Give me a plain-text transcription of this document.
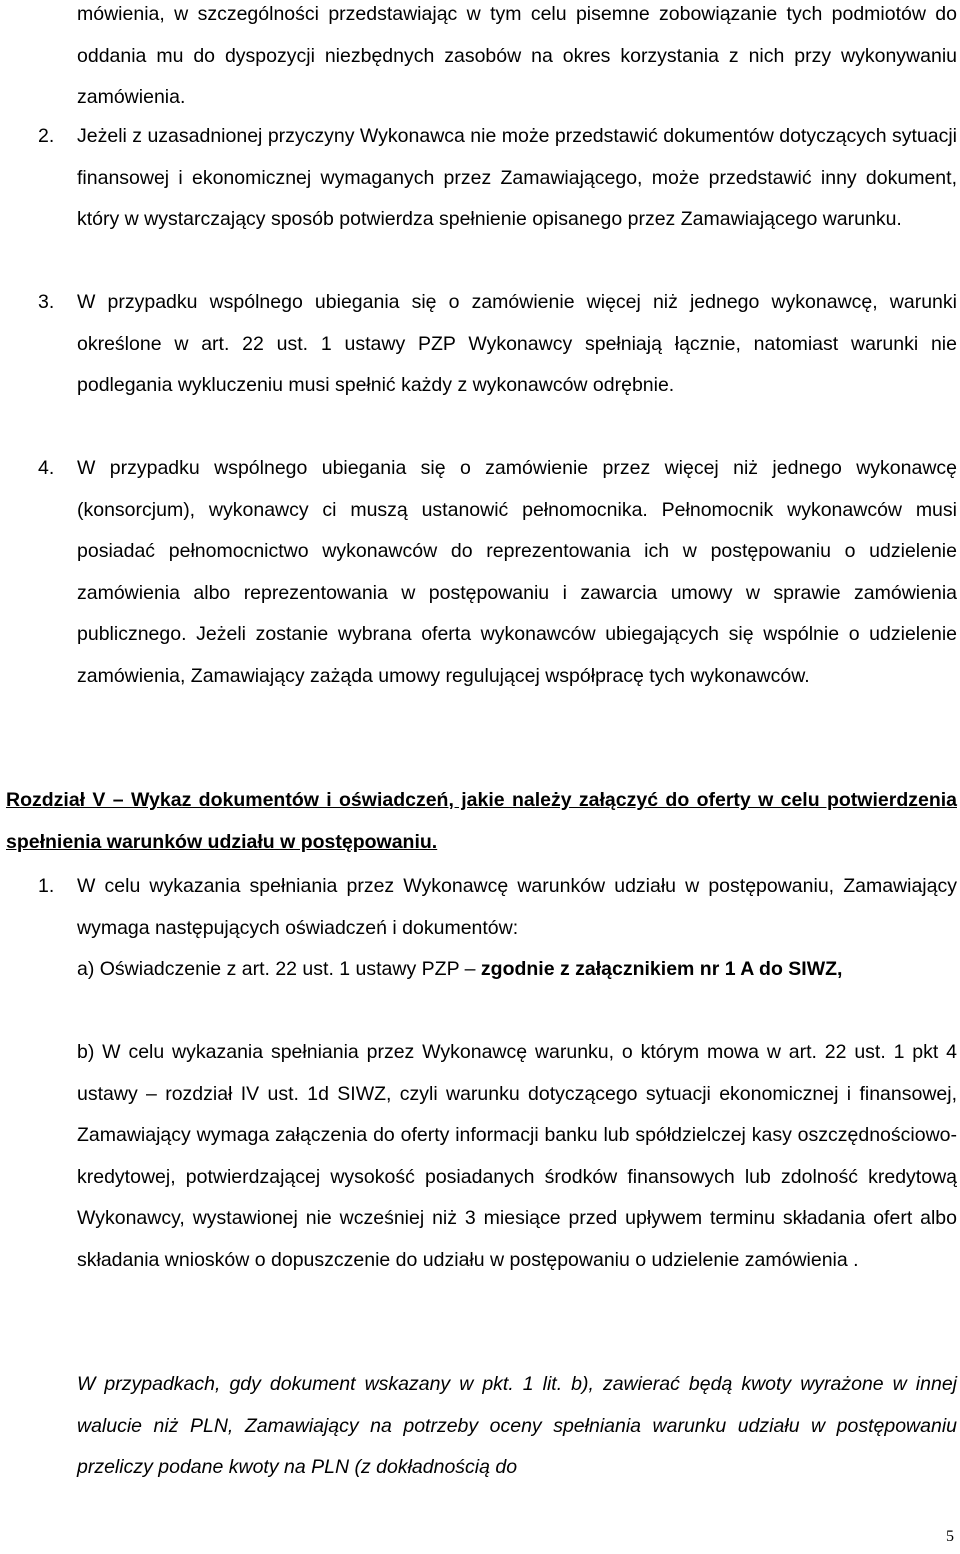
mówienia, w szczególności przedstawiając w tym celu pisemne zobowiązanie tych podmiotów do oddania mu do dyspozycji niezbędnych zasobów na okres korzystania z nich przy wykonywaniu zamówienia.

2. Jeżeli z uzasadnionej przyczyny Wykonawca nie może przedstawić dokumentów dotyczących sytuacji finansowej i ekonomicznej wymaganych przez Zamawiającego, może przedstawić inny dokument, który w wystarczający sposób potwierdza spełnienie opisanego przez Zamawiającego warunku.

3. W przypadku wspólnego ubiegania się o zamówienie więcej niż jednego wykonawcę, warunki określone w art. 22 ust. 1 ustawy PZP Wykonawcy spełniają łącznie, natomiast warunki nie podlegania wykluczeniu musi spełnić każdy z wykonawców odrębnie.

4. W przypadku wspólnego ubiegania się o zamówienie przez więcej niż jednego wykonawcę (konsorcjum), wykonawcy ci muszą ustanowić pełnomocnika. Pełnomocnik wykonawców musi posiadać pełnomocnictwo wykonawców do reprezentowania ich w postępowaniu o udzielenie zamówienia albo reprezentowania w postępowaniu i zawarcia umowy w sprawie zamówienia publicznego. Jeżeli zostanie wybrana oferta wykonawców ubiegających się wspólnie o udzielenie zamówienia, Zamawiający zażąda umowy regulującej współpracę tych wykonawców.

Rozdział V – Wykaz dokumentów i oświadczeń, jakie należy załączyć do oferty w celu potwierdzenia spełnienia warunków udziału w postępowaniu.

1. W celu wykazania spełniania przez Wykonawcę warunków udziału w postępowaniu, Zamawiający wymaga następujących oświadczeń i dokumentów:

a) Oświadczenie z art. 22 ust. 1 ustawy PZP – zgodnie z załącznikiem nr 1 A do SIWZ,

b) W celu wykazania spełniania przez Wykonawcę warunku, o którym mowa w art. 22 ust. 1 pkt 4 ustawy – rozdział IV ust. 1d SIWZ, czyli warunku dotyczącego sytuacji ekonomicznej i finansowej, Zamawiający wymaga załączenia do oferty informacji banku lub spółdzielczej kasy oszczędnościowo-kredytowej, potwierdzającej wysokość posiadanych środków finansowych lub zdolność kredytową Wykonawcy, wystawionej nie wcześniej niż 3 miesiące przed upływem terminu składania ofert albo składania wniosków o dopuszczenie do udziału w postępowaniu o udzielenie zamówienia .

W przypadkach, gdy dokument wskazany w pkt. 1 lit. b), zawierać będą kwoty wyrażone w innej walucie niż PLN, Zamawiający na potrzeby oceny spełniania warunku udziału w postępowaniu przeliczy podane kwoty na PLN (z dokładnością do

5
